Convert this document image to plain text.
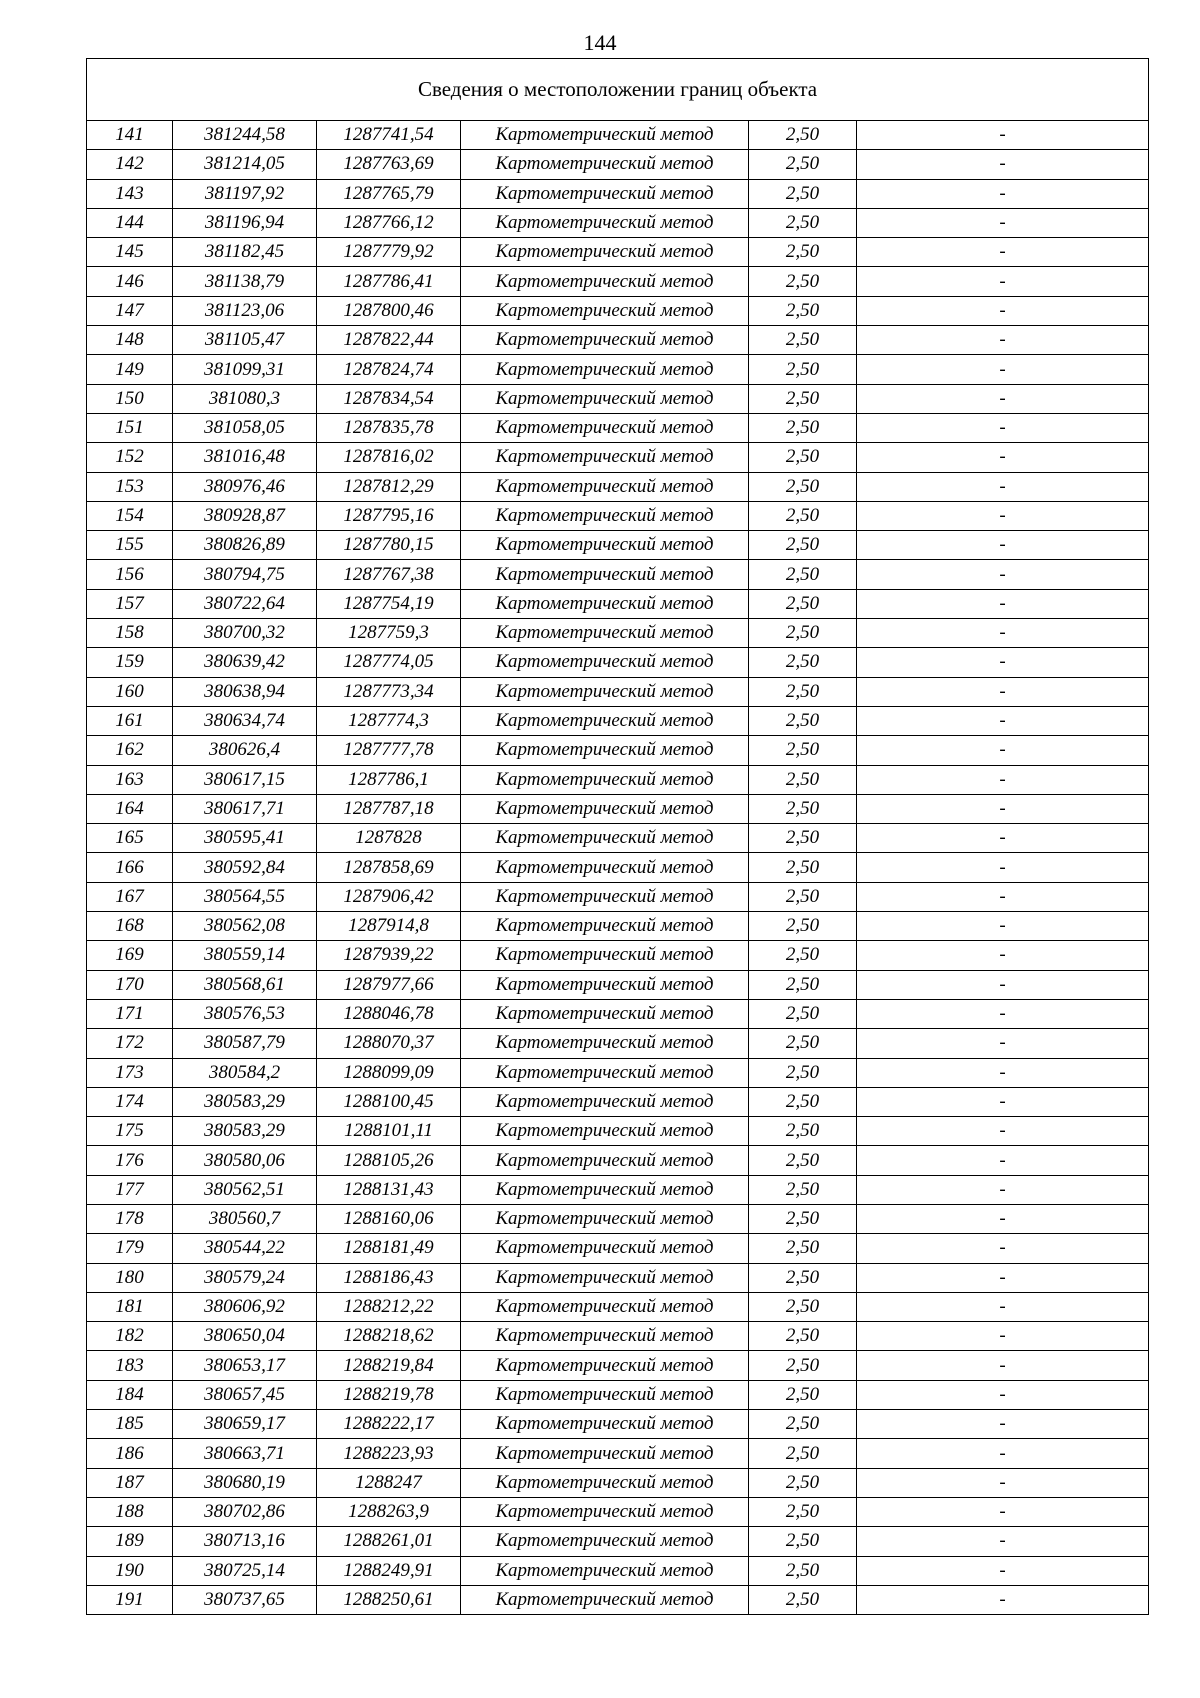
144
Сведения о местоположении границ объекта					
141	381244,58	1287741,54	Картометрический метод	2,50	-
142	381214,05	1287763,69	Картометрический метод	2,50	-
143	381197,92	1287765,79	Картометрический метод	2,50	-
144	381196,94	1287766,12	Картометрический метод	2,50	-
145	381182,45	1287779,92	Картометрический метод	2,50	-
146	381138,79	1287786,41	Картометрический метод	2,50	-
147	381123,06	1287800,46	Картометрический метод	2,50	-
148	381105,47	1287822,44	Картометрический метод	2,50	-
149	381099,31	1287824,74	Картометрический метод	2,50	-
150	381080,3	1287834,54	Картометрический метод	2,50	-
151	381058,05	1287835,78	Картометрический метод	2,50	-
152	381016,48	1287816,02	Картометрический метод	2,50	-
153	380976,46	1287812,29	Картометрический метод	2,50	-
154	380928,87	1287795,16	Картометрический метод	2,50	-
155	380826,89	1287780,15	Картометрический метод	2,50	-
156	380794,75	1287767,38	Картометрический метод	2,50	-
157	380722,64	1287754,19	Картометрический метод	2,50	-
158	380700,32	1287759,3	Картометрический метод	2,50	-
159	380639,42	1287774,05	Картометрический метод	2,50	-
160	380638,94	1287773,34	Картометрический метод	2,50	-
161	380634,74	1287774,3	Картометрический метод	2,50	-
162	380626,4	1287777,78	Картометрический метод	2,50	-
163	380617,15	1287786,1	Картометрический метод	2,50	-
164	380617,71	1287787,18	Картометрический метод	2,50	-
165	380595,41	1287828	Картометрический метод	2,50	-
166	380592,84	1287858,69	Картометрический метод	2,50	-
167	380564,55	1287906,42	Картометрический метод	2,50	-
168	380562,08	1287914,8	Картометрический метод	2,50	-
169	380559,14	1287939,22	Картометрический метод	2,50	-
170	380568,61	1287977,66	Картометрический метод	2,50	-
171	380576,53	1288046,78	Картометрический метод	2,50	-
172	380587,79	1288070,37	Картометрический метод	2,50	-
173	380584,2	1288099,09	Картометрический метод	2,50	-
174	380583,29	1288100,45	Картометрический метод	2,50	-
175	380583,29	1288101,11	Картометрический метод	2,50	-
176	380580,06	1288105,26	Картометрический метод	2,50	-
177	380562,51	1288131,43	Картометрический метод	2,50	-
178	380560,7	1288160,06	Картометрический метод	2,50	-
179	380544,22	1288181,49	Картометрический метод	2,50	-
180	380579,24	1288186,43	Картометрический метод	2,50	-
181	380606,92	1288212,22	Картометрический метод	2,50	-
182	380650,04	1288218,62	Картометрический метод	2,50	-
183	380653,17	1288219,84	Картометрический метод	2,50	-
184	380657,45	1288219,78	Картометрический метод	2,50	-
185	380659,17	1288222,17	Картометрический метод	2,50	-
186	380663,71	1288223,93	Картометрический метод	2,50	-
187	380680,19	1288247	Картометрический метод	2,50	-
188	380702,86	1288263,9	Картометрический метод	2,50	-
189	380713,16	1288261,01	Картометрический метод	2,50	-
190	380725,14	1288249,91	Картометрический метод	2,50	-
191	380737,65	1288250,61	Картометрический метод	2,50	-
